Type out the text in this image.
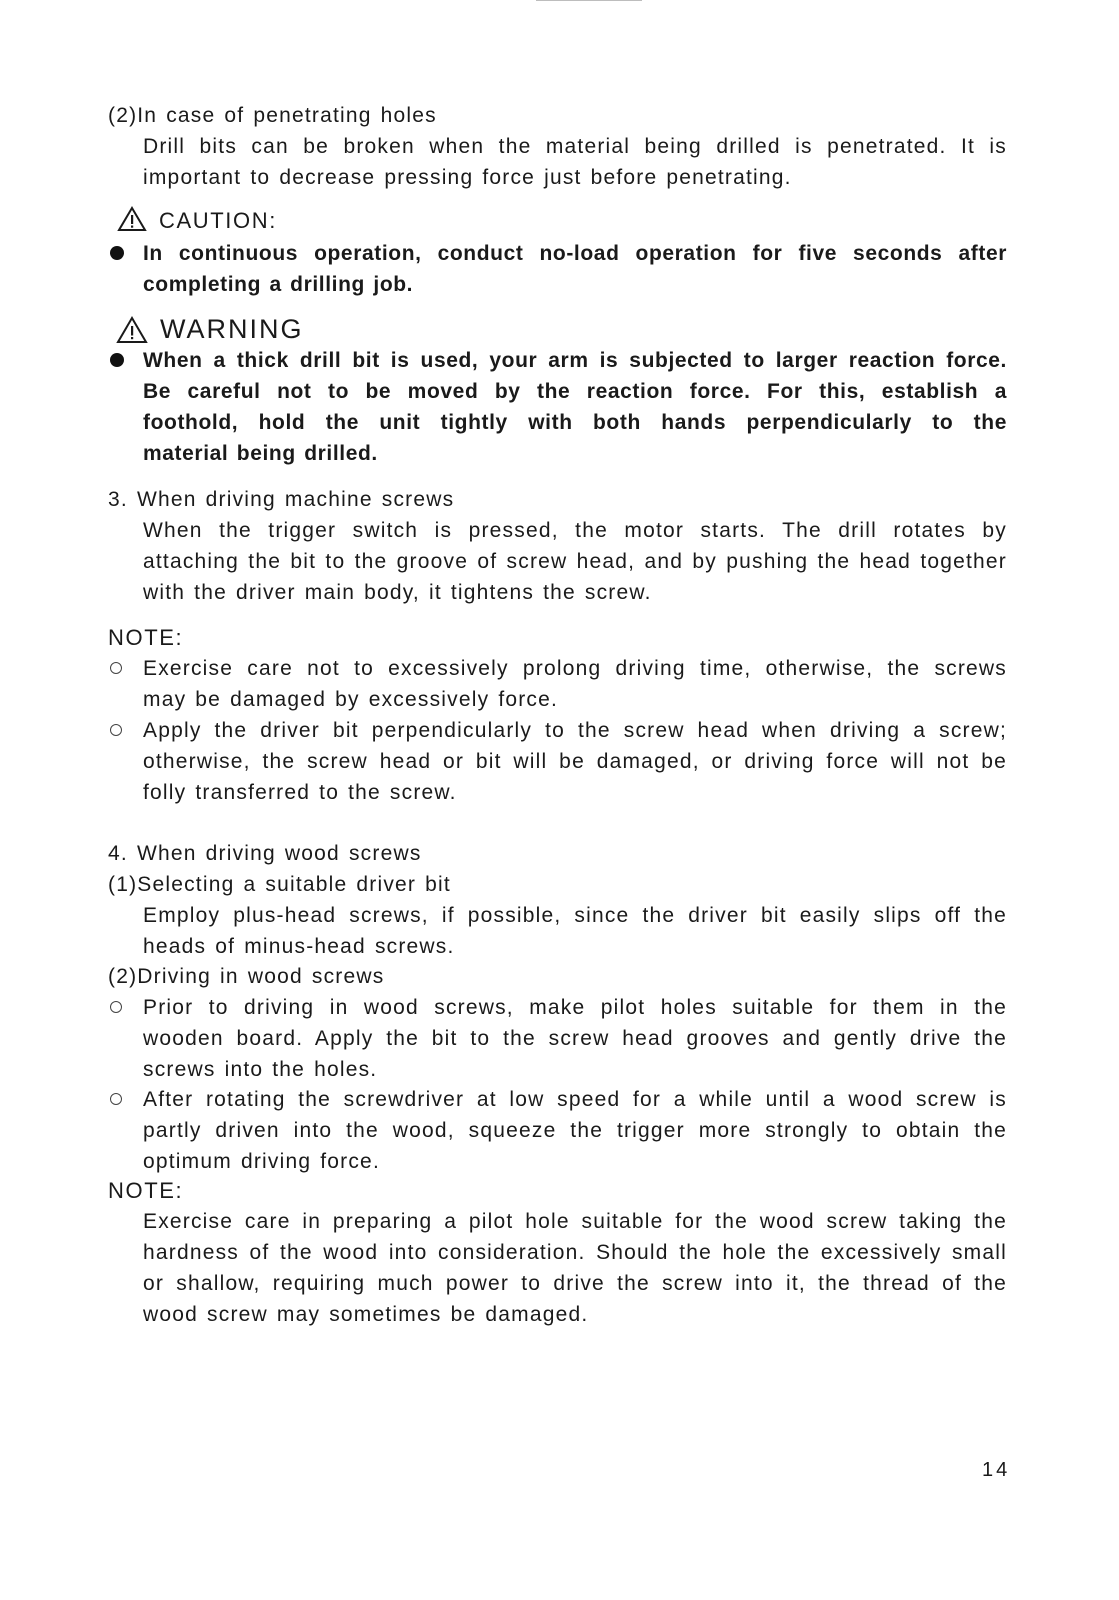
(2)In case of penetrating holes
Drill bits can be broken when the material being drilled is penetrated. It is
important to decrease pressing force just before penetrating.
CAUTION:
In continuous operation, conduct no-load operation for five seconds after
completing a drilling job.
WARNING
When a thick drill bit is used, your arm is subjected to larger reaction force.
Be careful not to be moved by the reaction force. For this, establish a
foothold, hold the unit tightly with both hands perpendicularly to the
material being drilled.
3. When driving machine screws
When the trigger switch is pressed, the motor starts. The drill rotates by
attaching the bit to the groove of screw head, and by pushing the head together
with the driver main body, it tightens the screw.
NOTE:
Exercise care not to excessively prolong driving time, otherwise, the screws
may be damaged by excessively force.
Apply the driver bit perpendicularly to the screw head when driving a screw;
otherwise, the screw head or bit will be damaged, or driving force will not be
folly transferred to the screw.
4. When driving wood screws
(1)Selecting a suitable driver bit
Employ plus-head screws, if possible, since the driver bit easily slips off the
heads of minus-head screws.
(2)Driving in wood screws
Prior to driving in wood screws, make pilot holes suitable for them in the
wooden board. Apply the bit to the screw head grooves and gently drive the
screws into the holes.
After rotating the screwdriver at low speed for a while until a wood screw is
partly driven into the wood, squeeze the trigger more strongly to obtain the
optimum driving force.
NOTE:
Exercise care in preparing a pilot hole suitable for the wood screw taking the
hardness of the wood into consideration. Should the hole the excessively small
or shallow, requiring much power to drive the screw into it, the thread of the
wood screw may sometimes be damaged.
14
